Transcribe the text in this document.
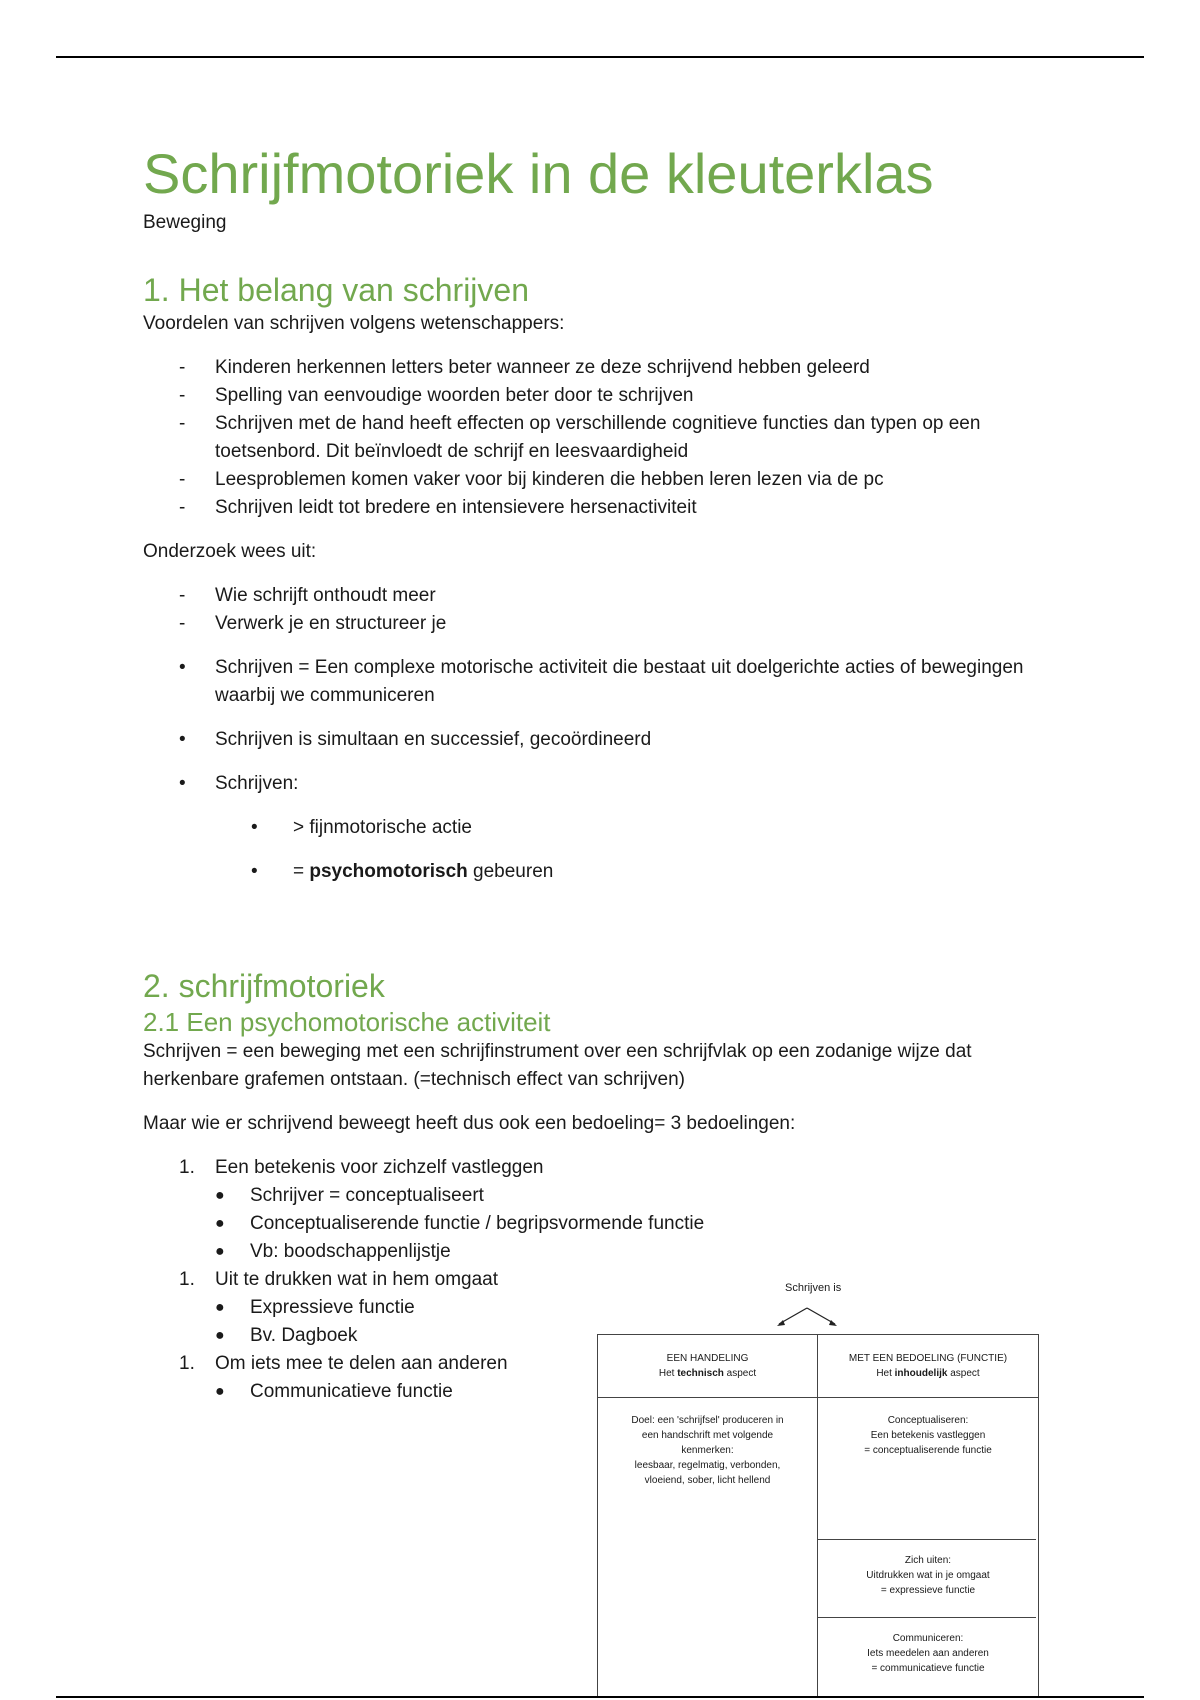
Schrijfmotoriek in de kleuterklas

Beweging

1. Het belang van schrijven

Voordelen van schrijven volgens wetenschappers:

- Kinderen herkennen letters beter wanneer ze deze schrijvend hebben geleerd
- Spelling van eenvoudige woorden beter door te schrijven
- Schrijven met de hand heeft effecten op verschillende cognitieve functies dan typen op een toetsenbord. Dit beïnvloedt de schrijf en leesvaardigheid
- Leesproblemen komen vaker voor bij kinderen die hebben leren lezen via de pc
- Schrijven leidt tot bredere en intensievere hersenactiviteit

Onderzoek wees uit:

- Wie schrijft onthoudt meer
- Verwerk je en structureer je
• Schrijven = Een complexe motorische activiteit die bestaat uit doelgerichte acties of bewegingen waarbij we communiceren
• Schrijven is simultaan en successief, gecoördineerd
• Schrijven:
• > fijnmotorische actie
• = psychomotorisch gebeuren
2. schrijfmotoriek
2.1 Een psychomotorische activiteit

Schrijven = een beweging met een schrijfinstrument over een schrijfvlak op een zodanige wijze dat herkenbare grafemen ontstaan. (=technisch effect van schrijven)

Maar wie er schrijvend beweegt heeft dus ook een bedoeling= 3 bedoelingen:

1. Een betekenis voor zichzelf vastleggen
● Schrijver = conceptualiseert
● Conceptualiserende functie / begripsvormende functie
● Vb: boodschappenlijstje
1. Uit te drukken wat in hem omgaat
● Expressieve functie
● Bv. Dagboek
1. Om iets mee te delen aan anderen
● Communicatieve functie
Schrijven is
EEN HANDELING
Het technisch aspect
MET EEN BEDOELING (FUNCTIE)
Het inhoudelijk aspect
Doel: een 'schrijfsel' produceren in
een handschrift met volgende
kenmerken:
leesbaar, regelmatig, verbonden,
vloeiend, sober, licht hellend
Conceptualiseren:
Een betekenis vastleggen
= conceptualiserende functie
Zich uiten:
Uitdrukken wat in je omgaat
= expressieve functie
Communiceren:
Iets meedelen aan anderen
= communicatieve functie
